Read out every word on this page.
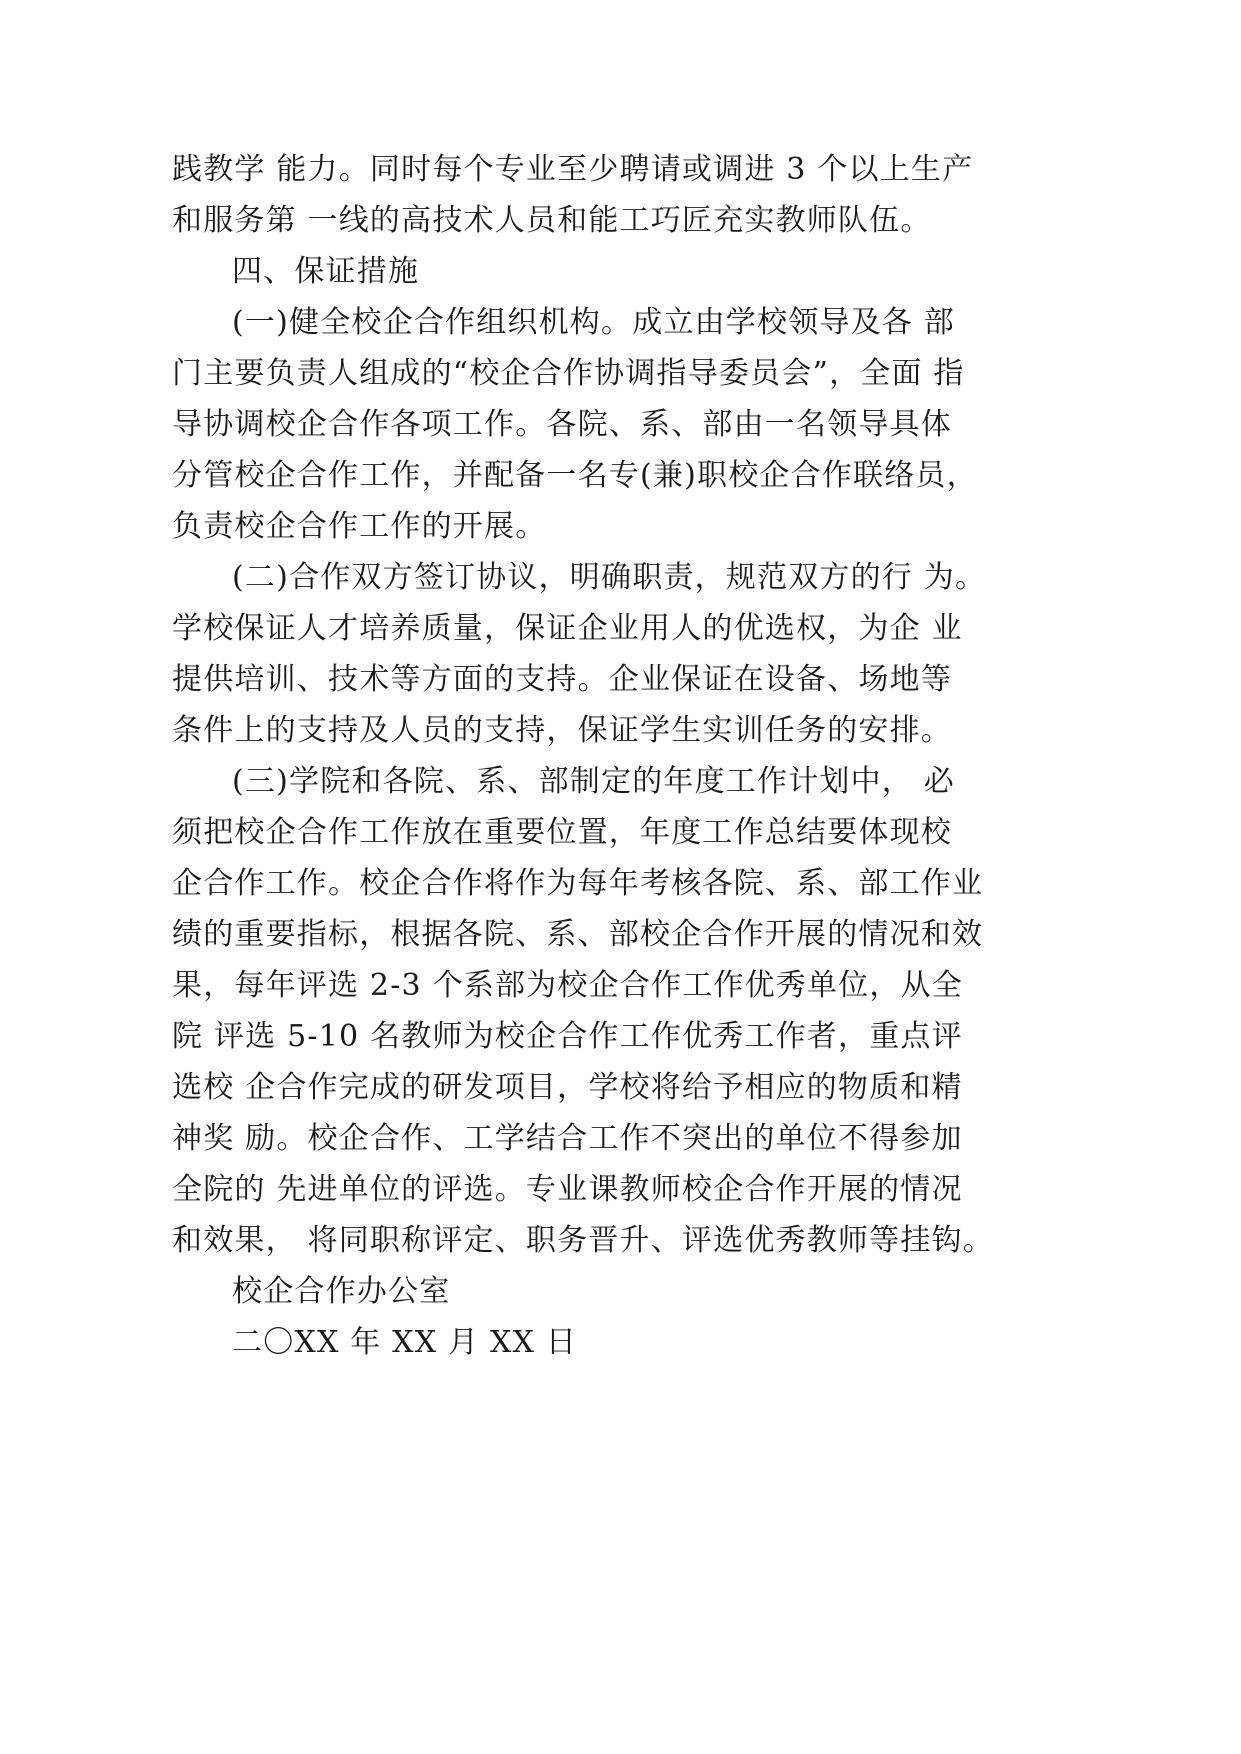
践教学 能力。同时每个专业至少聘请或调进 3 个以上生产
和服务第 一线的高技术人员和能工巧匠充实教师队伍。
四、保证措施
(一)健全校企合作组织机构。成立由学校领导及各 部
门主要负责人组成的“校企合作协调指导委员会”，全面 指
导协调校企合作各项工作。各院、系、部由一名领导具体
分管校企合作工作，并配备一名专(兼)职校企合作联络员，
负责校企合作工作的开展。
(二)合作双方签订协议，明确职责，规范双方的行 为。
学校保证人才培养质量，保证企业用人的优选权，为企 业
提供培训、技术等方面的支持。企业保证在设备、场地等
条件上的支持及人员的支持，保证学生实训任务的安排。
(三)学院和各院、系、部制定的年度工作计划中， 必
须把校企合作工作放在重要位置，年度工作总结要体现校
企合作工作。校企合作将作为每年考核各院、系、部工作业
绩的重要指标，根据各院、系、部校企合作开展的情况和效
果，每年评选 2-3 个系部为校企合作工作优秀单位，从全
院 评选 5-10 名教师为校企合作工作优秀工作者，重点评
选校 企合作完成的研发项目，学校将给予相应的物质和精
神奖 励。校企合作、工学结合工作不突出的单位不得参加
全院的 先进单位的评选。专业课教师校企合作开展的情况
和效果， 将同职称评定、职务晋升、评选优秀教师等挂钩。
校企合作办公室
二〇XX 年 XX 月 XX 日
